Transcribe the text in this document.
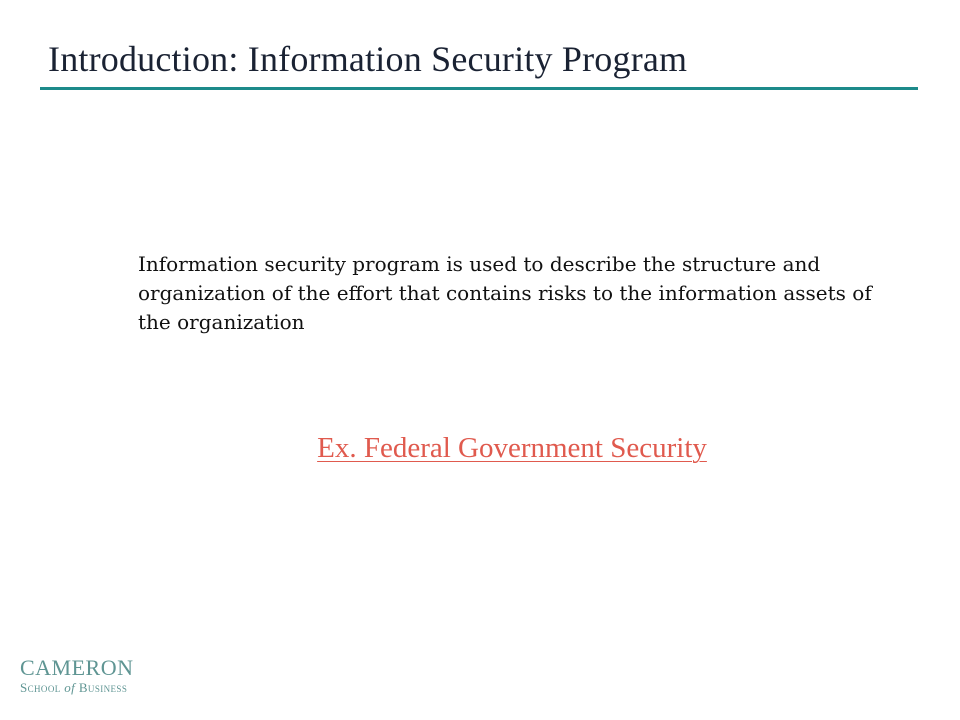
Introduction: Information Security Program

Information security program is used to describe the structure and organization of the effort that contains risks to the information assets of the organization

Ex. Federal Government Security
CAMERON
School of Business
